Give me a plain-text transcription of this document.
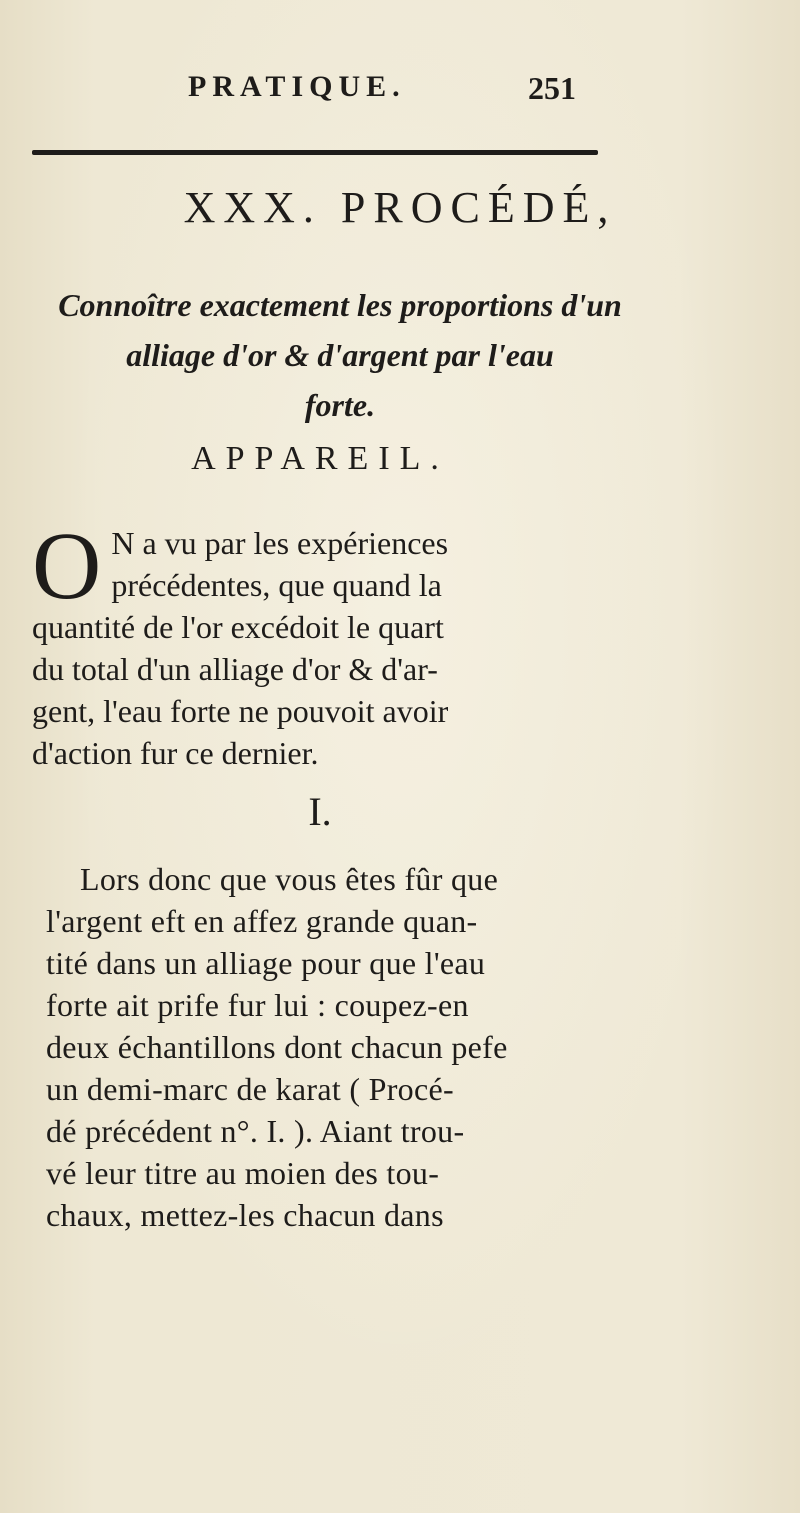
PRATIQUE.	251
XXX. PROCÉDÉ,
Connoître exactement les proportions d'un
alliage d'or & d'argent par l'eau
forte.
APPAREIL.
O N a vu par les expériences
précédentes, que quand la
quantité de l'or excédoit le quart
du total d'un alliage d'or & d'ar-
gent, l'eau forte ne pouvoit avoir
d'action fur ce dernier.
I.
Lors donc que vous êtes fûr que
l'argent eft en affez grande quan-
tité dans un alliage pour que l'eau
forte ait prife fur lui : coupez-en
deux échantillons dont chacun pefe
un demi-marc de karat ( Procé-
dé précédent n°. I. ). Aiant trou-
vé leur titre au moien des tou-
chaux, mettez-les chacun dans
